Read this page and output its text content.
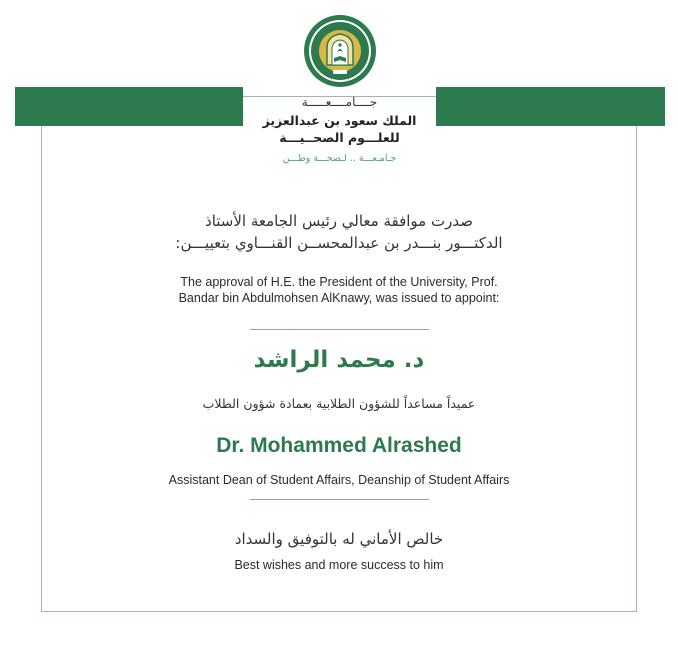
جــــامــــعـــــة
الملك سعود بن عبدالعزيز
للعلـــوم الصحــيـــة
جـامـعـــة .. لـصحـــة وطـــن
صدرت موافقة معالي رئيس الجامعة الأستاذ
الدكتـــور بنـــدر بن عبدالمحســن القنـــاوي بتعييـــن:
The approval of H.E. the President of the University, Prof.
Bandar bin Abdulmohsen AlKnawy, was issued to appoint:
د. محمد الراشد
عميداً مساعداً للشؤون الطلابية بعمادة شؤون الطلاب
Dr. Mohammed Alrashed
Assistant Dean of Student Affairs, Deanship of Student Affairs
خالص الأماني له بالتوفيق والسداد
Best wishes and more success to him
